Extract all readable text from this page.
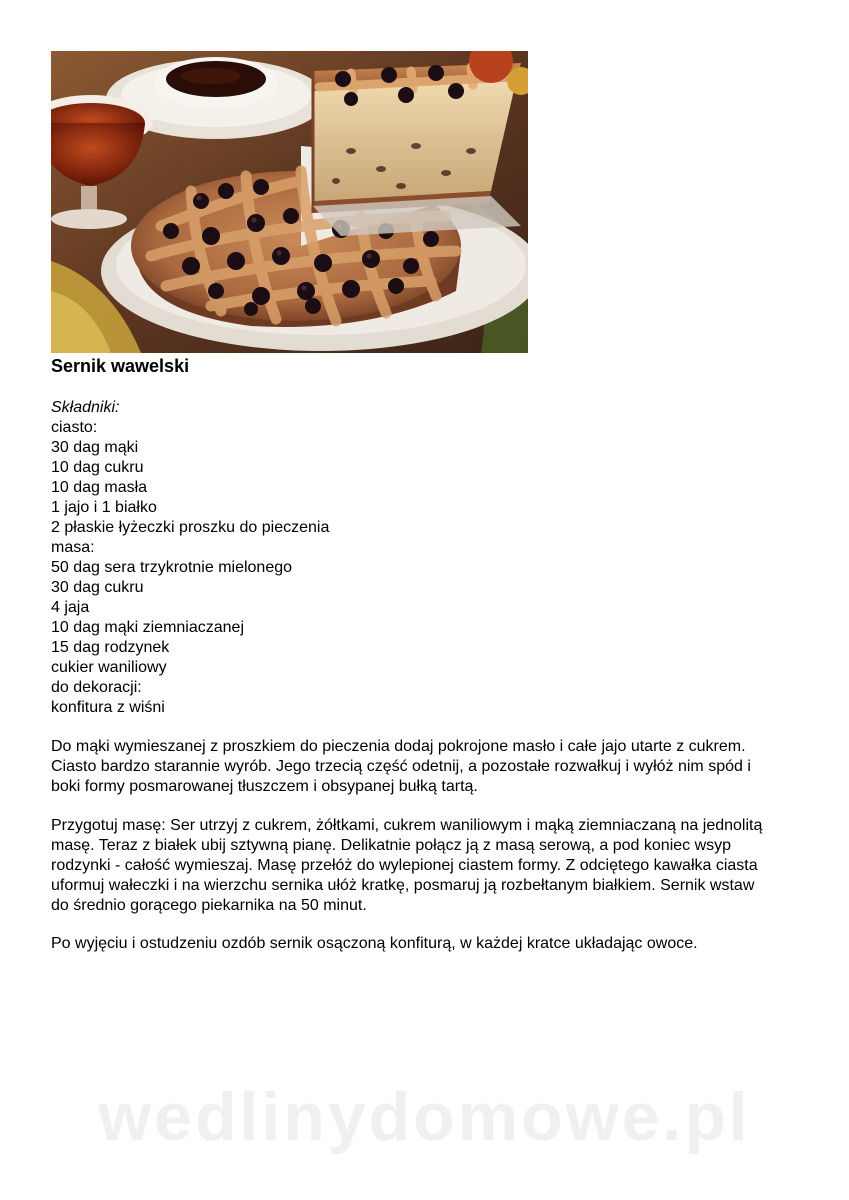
Sernik wawelski
Składniki:
ciasto:
30 dag mąki
10 dag cukru
10 dag masła
1 jajo i 1 białko
2 płaskie łyżeczki proszku do pieczenia
masa:
50 dag sera trzykrotnie mielonego
30 dag cukru
4 jaja
10 dag mąki ziemniaczanej
15 dag rodzynek
cukier waniliowy
do dekoracji:
konfitura z wiśni

Do mąki wymieszanej z proszkiem do pieczenia dodaj pokrojone masło i całe jajo utarte z cukrem. Ciasto bardzo starannie wyrób. Jego trzecią część odetnij, a pozostałe rozwałkuj i wyłóż nim spód i boki formy posmarowanej tłuszczem i obsypanej bułką tartą.

Przygotuj masę: Ser utrzyj z cukrem, żółtkami, cukrem waniliowym i mąką ziemniaczaną na jednolitą masę. Teraz z białek ubij sztywną pianę. Delikatnie połącz ją z masą serową, a pod koniec wsyp rodzynki - całość wymieszaj. Masę przełóż do wylepionej ciastem formy. Z odciętego kawałka ciasta uformuj wałeczki i na wierzchu sernika ułóż kratkę, posmaruj ją rozbełtanym białkiem. Sernik wstaw do średnio gorącego piekarnika na 50 minut.

Po wyjęciu i ostudzeniu ozdób sernik osączoną konfiturą, w każdej kratce układając owoce.

wedlinydomowe.pl
